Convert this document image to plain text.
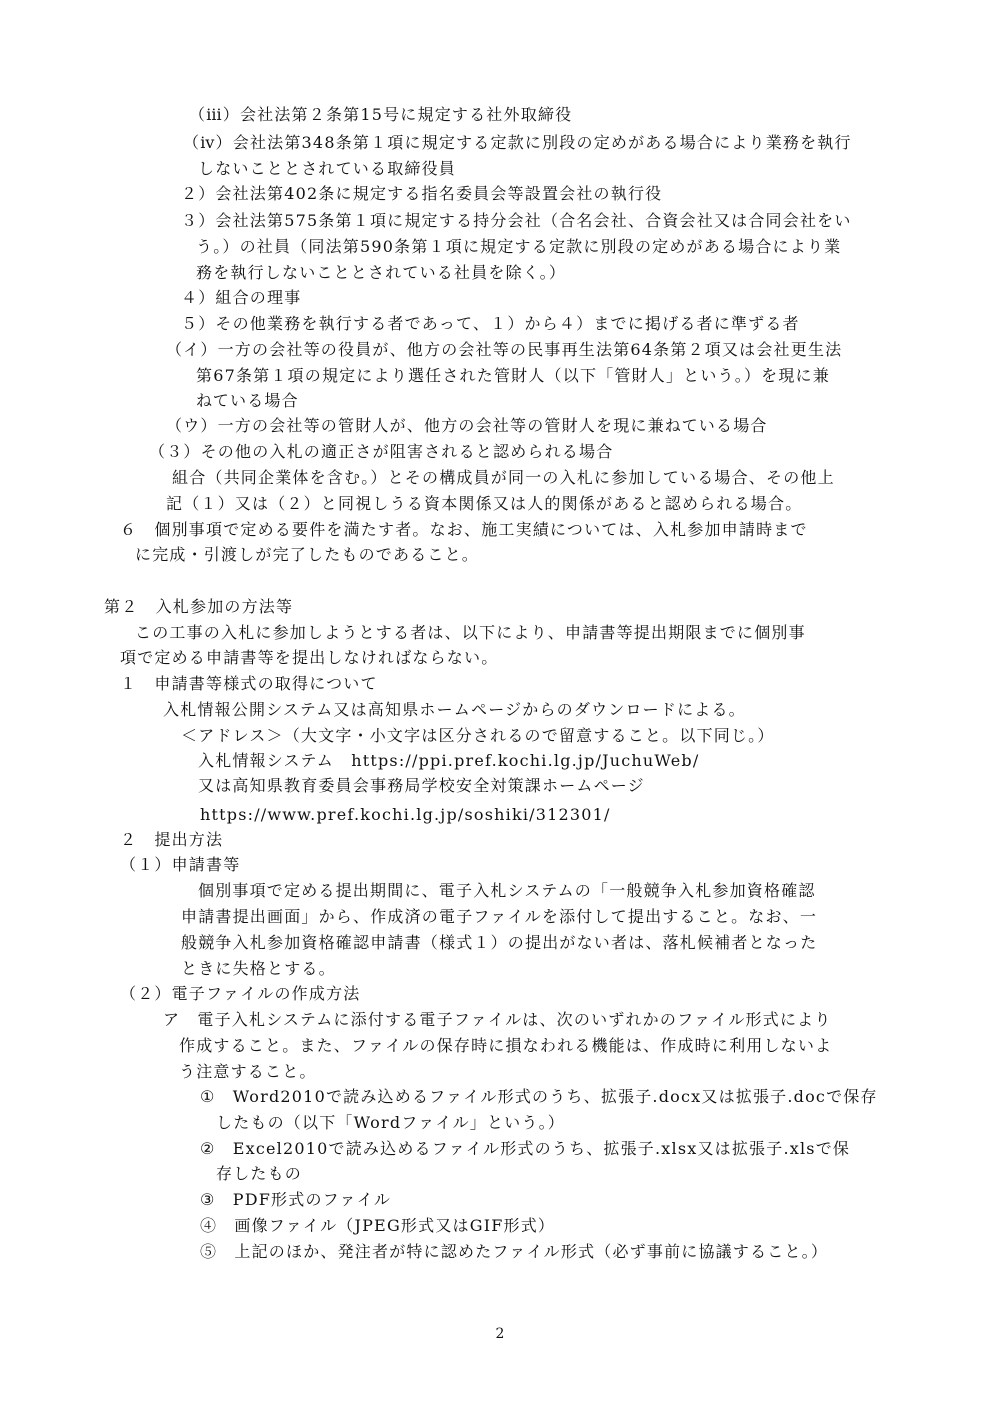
（ⅲ）会社法第２条第15号に規定する社外取締役
（ⅳ）会社法第348条第１項に規定する定款に別段の定めがある場合により業務を執行
しないこととされている取締役員
２）会社法第402条に規定する指名委員会等設置会社の執行役
３）会社法第575条第１項に規定する持分会社（合名会社、合資会社又は合同会社をい
う。）の社員（同法第590条第１項に規定する定款に別段の定めがある場合により業
務を執行しないこととされている社員を除く。）
４）組合の理事
５）その他業務を執行する者であって、１）から４）までに掲げる者に準ずる者
（イ）一方の会社等の役員が、他方の会社等の民事再生法第64条第２項又は会社更生法
第67条第１項の規定により選任された管財人（以下「管財人」という。）を現に兼
ねている場合
（ウ）一方の会社等の管財人が、他方の会社等の管財人を現に兼ねている場合
（３）その他の入札の適正さが阻害されると認められる場合
組合（共同企業体を含む。）とその構成員が同一の入札に参加している場合、その他上
記（１）又は（２）と同視しうる資本関係又は人的関係があると認められる場合。
６　個別事項で定める要件を満たす者。なお、施工実績については、入札参加申請時まで
に完成・引渡しが完了したものであること。
第２　入札参加の方法等
この工事の入札に参加しようとする者は、以下により、申請書等提出期限までに個別事
項で定める申請書等を提出しなければならない。
１　申請書等様式の取得について
入札情報公開システム又は高知県ホームページからのダウンロードによる。
＜アドレス＞（大文字・小文字は区分されるので留意すること。以下同じ。）
入札情報システム　https://ppi.pref.kochi.lg.jp/JuchuWeb/
又は高知県教育委員会事務局学校安全対策課ホームページ
https://www.pref.kochi.lg.jp/soshiki/312301/
２　提出方法
（１）申請書等
個別事項で定める提出期間に、電子入札システムの「一般競争入札参加資格確認
申請書提出画面」から、作成済の電子ファイルを添付して提出すること。なお、一
般競争入札参加資格確認申請書（様式１）の提出がない者は、落札候補者となった
ときに失格とする。
（２）電子ファイルの作成方法
ア　電子入札システムに添付する電子ファイルは、次のいずれかのファイル形式により
作成すること。また、ファイルの保存時に損なわれる機能は、作成時に利用しないよ
う注意すること。
①　Word2010で読み込めるファイル形式のうち、拡張子.docx又は拡張子.docで保存
したもの（以下「Wordファイル」という。）
②　Excel2010で読み込めるファイル形式のうち、拡張子.xlsx又は拡張子.xlsで保
存したもの
③　PDF形式のファイル
④　画像ファイル（JPEG形式又はGIF形式）
⑤　上記のほか、発注者が特に認めたファイル形式（必ず事前に協議すること。）
2
